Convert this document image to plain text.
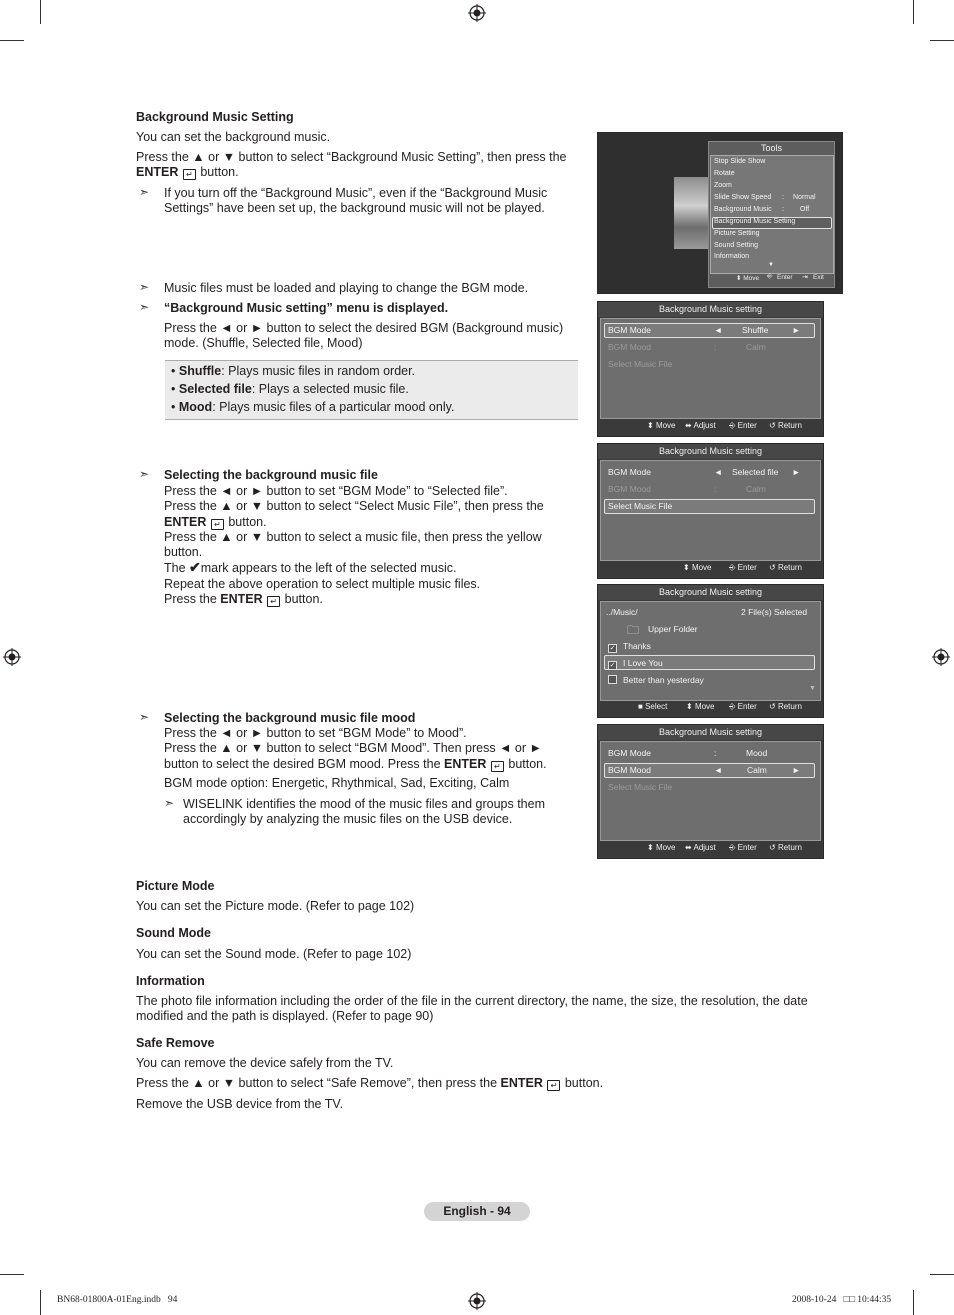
Background Music Setting
You can set the background music.
Press the ▲ or ▼ button to select “Background Music Setting”, then press the
ENTER ↵ button.
➣ If you turn off the “Background Music”, even if the “Background Music Settings” have been set up, the background music will not be played.
➣ Music files must be loaded and playing to change the BGM mode.
➣ “Background Music setting” menu is displayed.
Press the ◄ or ► button to select the desired BGM (Background music) mode. (Shuffle, Selected file, Mood)
• Shuffle: Plays music files in random order.
• Selected file: Plays a selected music file.
• Mood: Plays music files of a particular mood only.
➣ Selecting the background music file
Press the ◄ or ► button to set “BGM Mode” to “Selected file”.
Press the ▲ or ▼ button to select “Select Music File”, then press the
ENTER ↵ button.
Press the ▲ or ▼ button to select a music file, then press the yellow
button.
The ✔mark appears to the left of the selected music.
Repeat the above operation to select multiple music files.
Press the ENTER ↵ button.
➣ Selecting the background music file mood
Press the ◄ or ► button to set “BGM Mode” to Mood”.
Press the ▲ or ▼ button to select “BGM Mood”. Then press ◄ or ►
button to select the desired BGM mood. Press the ENTER ↵ button.
BGM mode option: Energetic, Rhythmical, Sad, Exciting, Calm
➣ WISELINK identifies the mood of the music files and groups them accordingly by analyzing the music files on the USB device.
Picture Mode
You can set the Picture mode. (Refer to page 102)
Sound Mode
You can set the Sound mode. (Refer to page 102)
Information
The photo file information including the order of the file in the current directory, the name, the size, the resolution, the date modified and the path is displayed. (Refer to page 90)
Safe Remove
You can remove the device safely from the TV.
Press the ▲ or ▼ button to select “Safe Remove”, then press the ENTER ↵ button.
Remove the USB device from the TV.
English - 94
BN68-01800A-01Eng.indb   94	2008-10-24   □□ 10:44:35
Tools
Stop Slide Show
Rotate
Zoom
Slide Show Speed : Normal
Background Music : Off
Background Music Setting
Picture Setting
Sound Setting
Information
▼
⬍ Move ⎆ Enter ⇥ Exit
Background Music setting
BGM Mode	◄ Shuffle	►
BGM Mood	:	Calm
Select Music File
⬍ Move ⬌ Adjust ⎆ Enter ↺ Return
Background Music setting
BGM Mode	◄ Selected file ►
BGM Mood	:	Calm
Select Music File
⬍ Move ⎆ Enter ↺ Return
Background Music setting
../Music/	2 File(s) Selected
🗀 Upper Folder
✓ Thanks
✓ I Love You
Better than yesterday
▼
■ Select ⬍ Move ⎆ Enter ↺ Return
Background Music setting
BGM Mode	:	Mood
BGM Mood	◄	Calm	►
Select Music File
⬍ Move ⬌ Adjust ⎆ Enter ↺ Return
